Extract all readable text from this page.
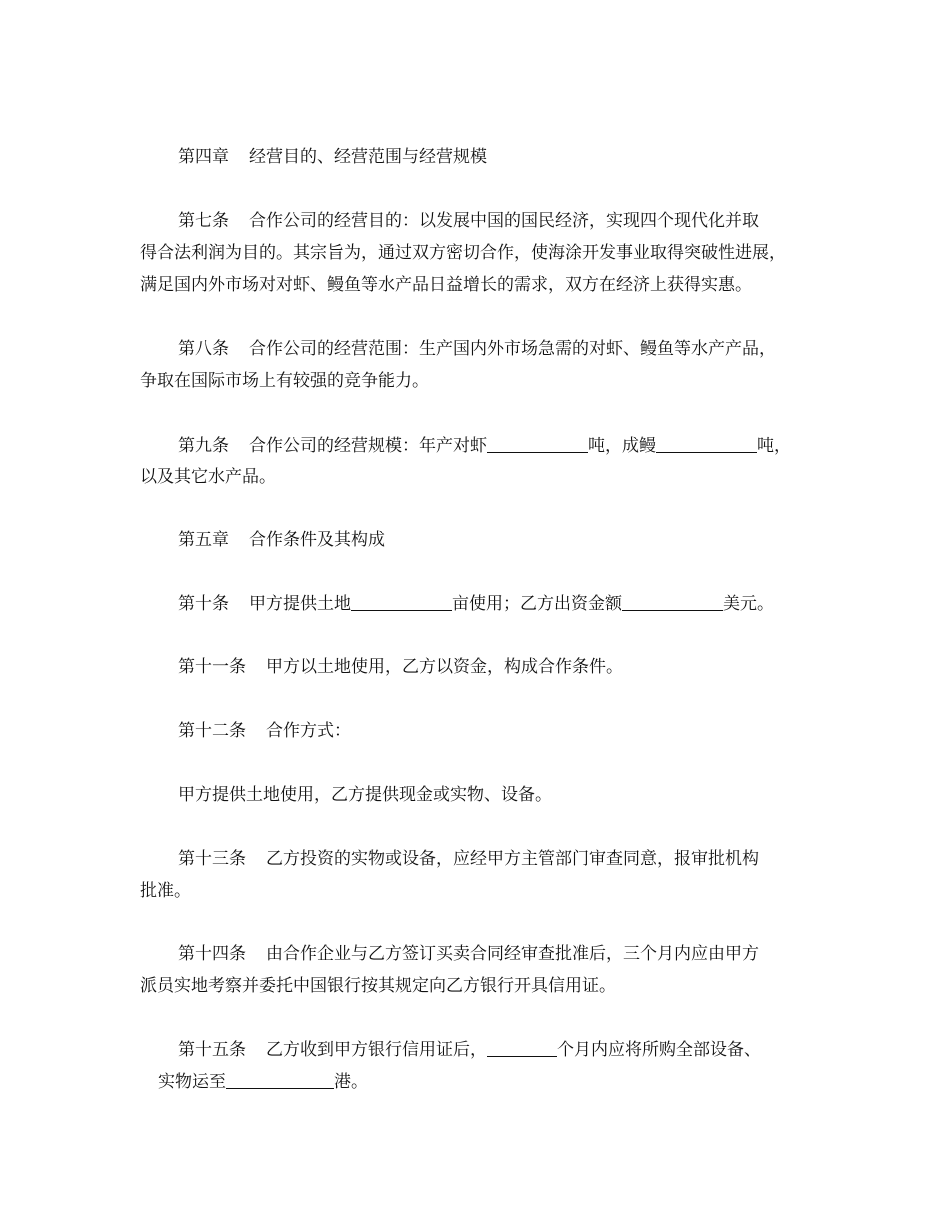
第四章 经营目的、经营范围与经营规模
第七条 合作公司的经营目的：以发展中国的国民经济，实现四个现代化并取
得合法利润为目的。其宗旨为，通过双方密切合作，使海涂开发事业取得突破性进展，
满足国内外市场对对虾、鳗鱼等水产品日益增长的需求，双方在经济上获得实惠。
第八条 合作公司的经营范围：生产国内外市场急需的对虾、鳗鱼等水产产品，
争取在国际市场上有较强的竞争能力。
第九条 合作公司的经营规模：年产对虾	吨，成鳗	吨，
以及其它水产品。
第五章 合作条件及其构成
第十条 甲方提供土地	亩使用；乙方出资金额	美元。
第十一条 甲方以土地使用，乙方以资金，构成合作条件。
第十二条 合作方式：
甲方提供土地使用，乙方提供现金或实物、设备。
第十三条 乙方投资的实物或设备，应经甲方主管部门审查同意，报审批机构
批准。
第十四条 由合作企业与乙方签订买卖合同经审查批准后，三个月内应由甲方
派员实地考察并委托中国银行按其规定向乙方银行开具信用证。
第十五条 乙方收到甲方银行信用证后，	个月内应将所购全部设备、
实物运至	港。
